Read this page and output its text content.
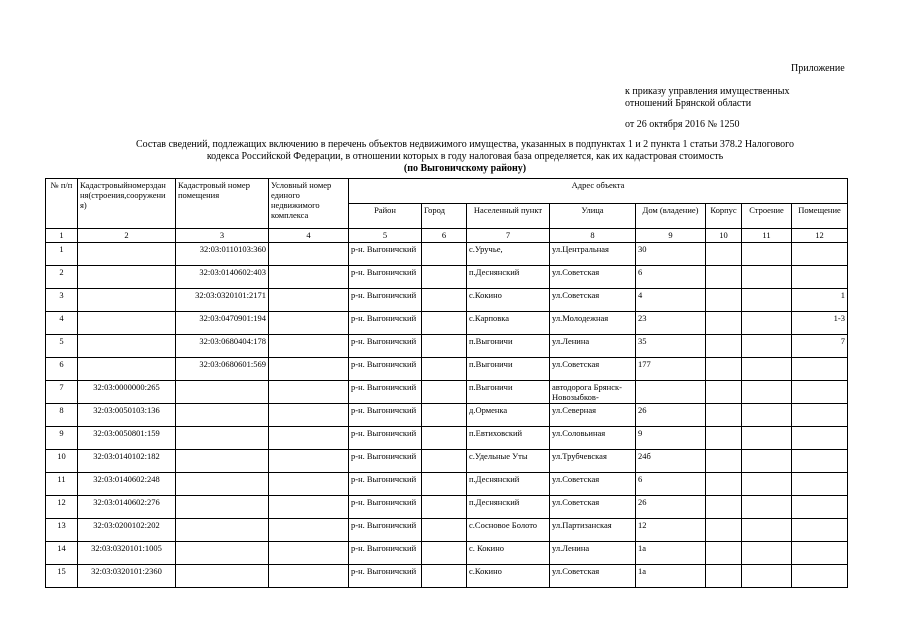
Приложение
к приказу управления имущественных
отношений Брянской области
от 26 октября 2016 № 1250
Состав сведений, подлежащих включению в перечень объектов недвижимого имущества, указанных в подпунктах 1 и 2 пункта 1 статьи 378.2 Налогового
кодекса Российской Федерации, в отношении которых в году налоговая база определяется, как их кадастровая стоимость
(по Выгоничскому району)
№ п/п	Кадастровыйномерздан ня(строения,сооружени я)	Кадастровый номер помещения	Условный номер единого недвижимого комплекса	Адрес объекта							
				Район	Город	Населенный пункт	Улица	Дом (владение)	Корпус	Строение	Помещение
1	2	3	4	5	6	7	8	9	10	11	12

1		32:03:0110103:360		р-н. Выгоничский		с.Уручье,	ул.Центральная	30			

2		32:03:0140602:403		р-н. Выгоничский		п.Деснянский	ул.Советская	6			

3		32:03:0320101:2171		р-н. Выгоничский		с.Кокино	ул.Советская	4			1

4		32:03:0470901:194		р-н. Выгоничский		с.Карповка	ул.Молодежная	23			1-3

5		32:03:0680404:178		р-н. Выгоничский		п.Выгоничи	ул.Ленина	35			7

6		32:03:0680601:569		р-н. Выгоничский		п.Выгоничи	ул.Советская	177			

7	32:03:0000000:265			р-н. Выгоничский		п.Выгоничи	автодорога Брянск-Новозыбков-				

8	32:03:0050103:136			р-н. Выгоничский		д.Орменка	ул.Северная	26			

9	32:03:0050801:159			р-н. Выгоничский		п.Евтиховский	ул.Соловьиная	9			

10	32:03:0140102:182			р-н. Выгоничский		с.Удельные Уты	ул.Трубчевская	24б			

11	32:03:0140602:248			р-н. Выгоничский		п.Деснянский	ул.Советская	6			

12	32:03:0140602:276			р-н. Выгоничский		п.Деснянский	ул.Советская	26			

13	32:03:0200102:202			р-н. Выгоничский		с.Сосновое Болото	ул.Партизанская	12			

14	32:03:0320101:1005			р-н. Выгоничский		с. Кокино	ул.Ленина	1а			

15	32:03:0320101:2360			р-н. Выгоничский		с.Кокино	ул.Советская	1а			
